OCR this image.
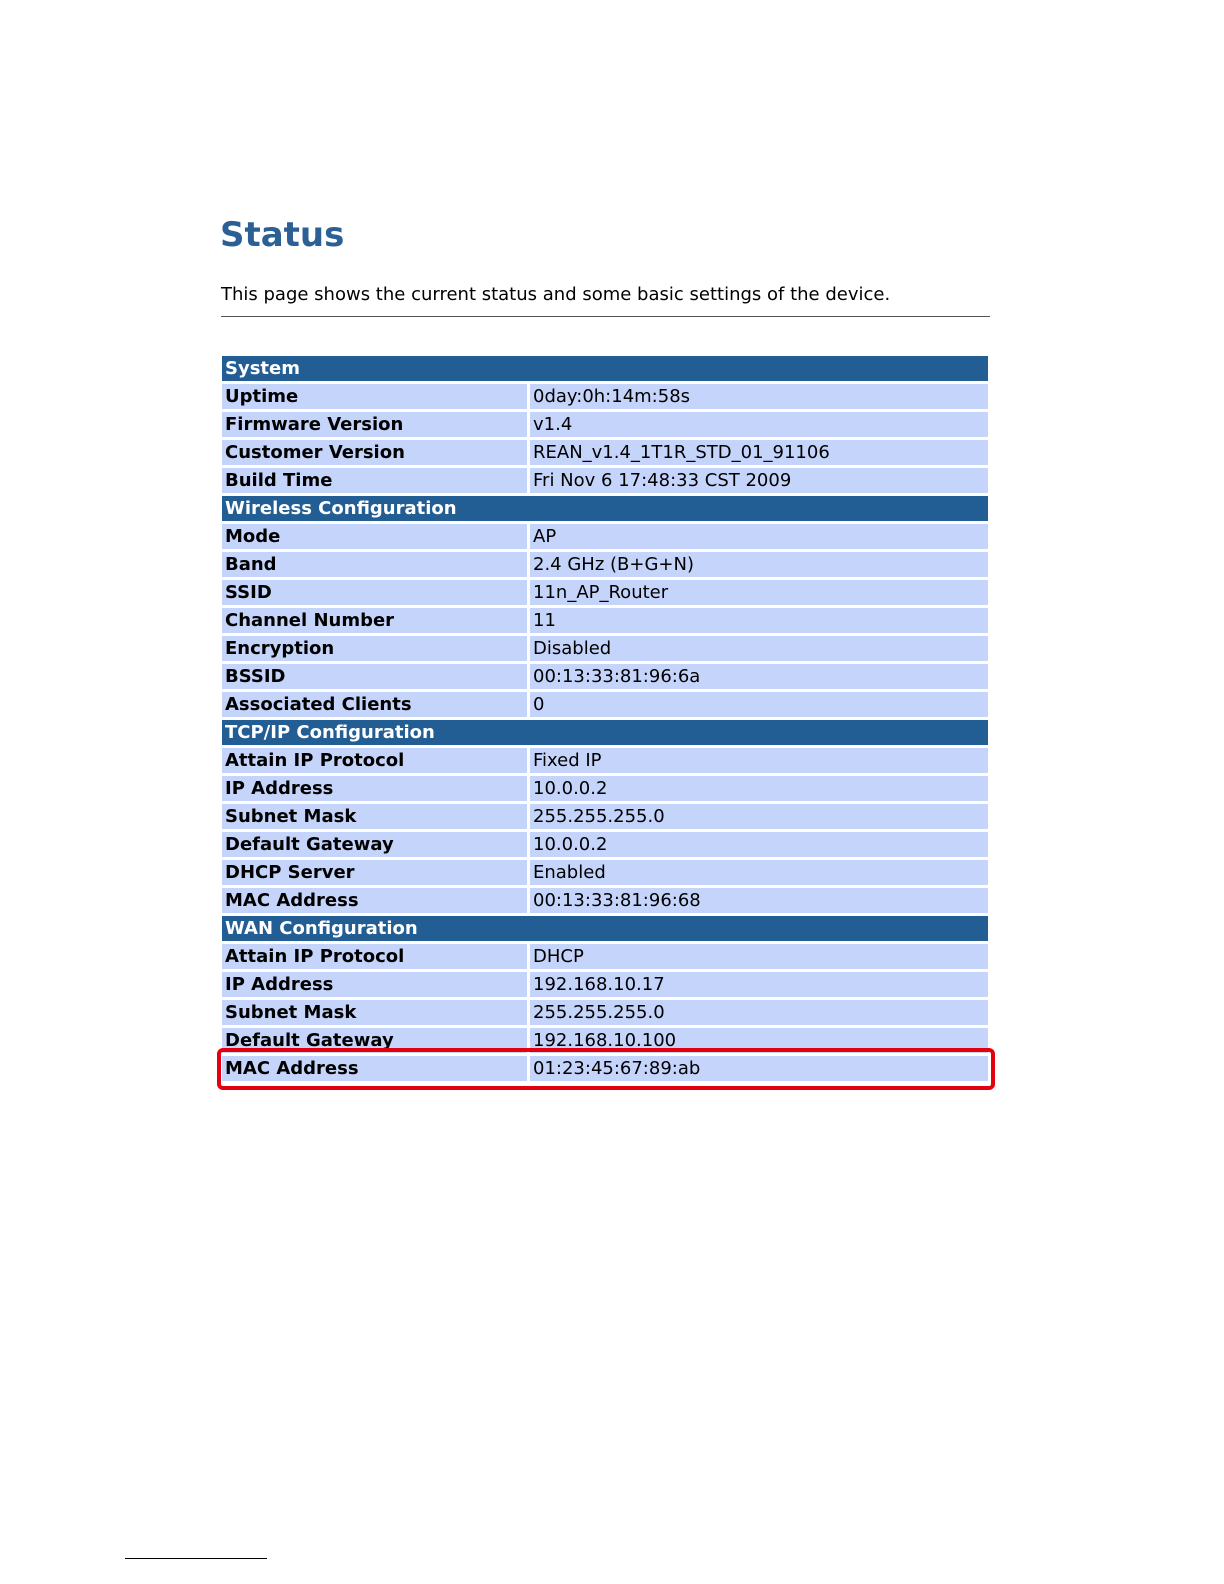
Status

This page shows the current status and some basic settings of the device.

System	
Uptime	0day:0h:14m:58s
Firmware Version	v1.4
Customer Version	REAN_v1.4_1T1R_STD_01_91106
Build Time	Fri Nov 6 17:48:33 CST 2009
Wireless Configuration	
Mode	AP
Band	2.4 GHz (B+G+N)
SSID	11n_AP_Router
Channel Number	11
Encryption	Disabled
BSSID	00:13:33:81:96:6a
Associated Clients	0
TCP/IP Configuration	
Attain IP Protocol	Fixed IP
IP Address	10.0.0.2
Subnet Mask	255.255.255.0
Default Gateway	10.0.0.2
DHCP Server	Enabled
MAC Address	00:13:33:81:96:68
WAN Configuration	
Attain IP Protocol	DHCP
IP Address	192.168.10.17
Subnet Mask	255.255.255.0
Default Gateway	192.168.10.100
MAC Address	01:23:45:67:89:ab
